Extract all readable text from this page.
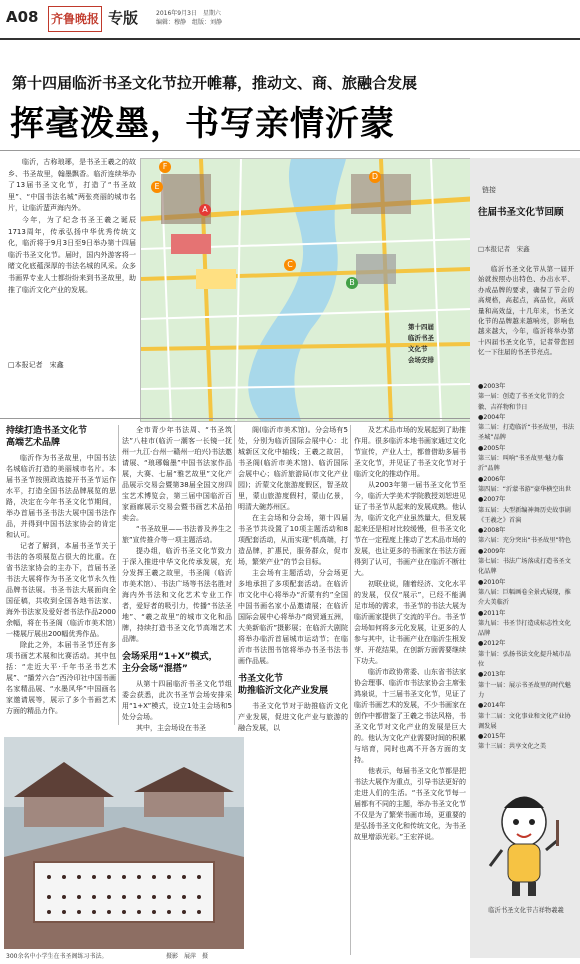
A08 齐鲁晚报 专版	2016年9月3日　星期六
编辑：穆静　组版：刘静
第十四届临沂书圣文化节拉开帷幕，推动文、商、旅融合发展
挥毫泼墨，书写亲情沂蒙

临沂，古称琅琊，是书圣王羲之的故乡、书圣故里，翰墨飘香。临沂连续举办了13届书圣文化节，打造了“书圣故里”、“中国书法名城”两张亮丽的城市名片，让临沂蜚声海内外。

今年，为了纪念书圣王羲之诞辰1713周年，传承弘扬中华优秀传统文化，临沂将于9月3日至9日举办第十四届临沂书圣文化节。届时，国内外游客将一睹文化底蕴深厚的书法名城的风采。众多书画界专业人士都纷纷来到书圣故里，助推了临沂文化产业的发展。

□本报记者　宋鑫
A
B
C
D
E
F
第十四届
临沂书圣
文化节
会场安排
持续打造书圣文化节
高端艺术品牌

临沂作为书圣故里，中国书法名城临沂打造的美丽城市名片。本届书圣节按照政选接开书圣节运作水平，打造全国书法品牌展览的思路，决定在今年书圣文化节期间，举办首届书圣书法大展中国书法作品，并得到中国书法家协会的肯定和认可。

记者了解到，本届书圣节关于书法的各项展览占很大的比重。在省书法家协会的主办下，首届书圣书法大展将作为书圣文化节永久性品牌书法展。书圣书法大展面向全国征稿，共收到全国各地书法家、海外书法家及爱好者书法作品2000余幅，将在书圣阁（临沂市美术馆）一楼展厅展出200幅优秀作品。

除此之外，本届书圣节还有多项书画艺术展和比赛活动。其中包括：“走近大平·千年书圣书艺术展”、“播芳六合”西泠印社中国书画名家精品展、“水墨风华”中国画名家邀请展等，展示了多个书画艺术方面的精品力作。

全市青少年书法周、“书圣筑法”八桂市(临沂一潮客一长镜一抚州一九江·台州一赣州一珀兴)书法邀请展、“琅琊翰墨”中国书法家作品展，大赛、七届“雅艺故里”文化产品展示交易会暨第38届全国文房四宝艺术博览会，第三届中国临沂百家画廊展示交易会暨书画艺术品拍卖会。

“书圣故里——书法普及养生之旅”宣传推介等一项主题活动。

提办组，临沂书圣文化节致力于深入推进中华文化传承发展，充分发挥王羲之故里，书圣阁（临沂市美术馆）、书法广场等书法名胜对海内外书法和文化艺术专业工作者，爱好者的吸引力，传播“书法圣地”、“羲之故里”的城市文化和品牌，持续打造书圣文化节高端艺术品牌。

会场采用“1+X”模式，
主分会场“混搭”

从第十四届临沂书圣文化节组委会获悉，此次书圣节会场安排采用“1+X”模式，设立1处主会场和5处分会场。

其中，主会场设在书圣

阁(临沂市美术馆)。分会场有5处，分别为临沂国际会展中心：北城新区文化中轴线；王羲之故居，书圣阁(临沂市美术馆)、临沂国际会展中心；临沂旅游局(市文化产业园)；沂蒙文化旅游度假区，智圣故里，蒙山旅游度假村，蒙山亿景，明清大碗苏州区。

在主会场和分会场，第十四届书圣节共设置了10项主题活动和8项配套活动，从而实现“机高端，打造品牌，扩惠民，服务群众，促市场，繁荣产业”的节会目标。

主会场有主题活动，分会场更多地承担了多项配套活动。在临沂市文化中心将举办“沂蒙有约”全国中国书画名家小品邀请展；在临沂国际会展中心将举办“商贸通五洲，大美新临沂”摄影展；在临沂大剧院将举办临沂首届城市运动节；在临沂市书法图书馆将举办书圣书法书画作品展。

书圣文化节
助推临沂文化产业发展

书圣文化节对于助推临沂文化产业发展，促进文化产业与旅游的融合发展，以

及艺术品市场的发展起到了助推作用。很多临沂本地书画家通过文化节宣传，产业人士，都曾借助多届书圣文化节，并见证了书圣文化节对于临沂文化的推动作用。

从2003年第一届书圣文化节至今，临沂大学美术学院教授刘恕进见证了书圣节从起来的发展成熟。他认为，临沂文化产业虽然量大，但发展起来还是相对比较缓慢，但书圣文化节在一定程度上推动了艺术品市场的发展，也让更多的书画家在书法方面得到了认可，书画产业在临沂不断壮大。

初联业说，随着经济、文化水平的发展，仅仅“展示”，已经不能满足市场的需求，书圣节的书法大展为临沂画家提供了交流的平台。书圣节会场如何将多元化发展，让更多的人参与其中，让书画产业在临沂生根发芽、开花结果，在创新方面需要继续下功夫。

临沂市政协常委、山东省书法家协会理事、临沂市书法家协会主席张鸿泉说，十三届书圣文化节，见证了临沂书画艺术的发展，不少书画家在创作中都借鉴了王羲之书法风格，书圣文化节对文化产业的发展是巨大的。他认为文化产业需要时间的积累与培育，同时也离不开各方面的支持。

他表示，每届书圣文化节都是把书法大展作为重点，引导书法更好的走进人们的生活。“书圣文化节每一届都有不同的主题，举办书圣文化节不仅是为了繁荣书画市场，更重要的是弘扬书圣文化和传统文化，为书圣故里增添光彩。”王宏祥说。

300余名中小学生在书圣阁练习书法。	摄影　展萍　摄
链接
往届书圣文化节回顾
□本报记者　宋鑫

临沂书圣文化节从第一届开始就按照办出特色、办出水平、办成品牌的要求，确保了节会的高规格，高起点，高品位，高质量和高效益，十几年来，书圣文化节的品牌越来越响亮，影响也越来越大，今年，临沂将举办第十四届书圣文化节，记者带您回忆一下往届的书圣节亮点。

●2003年
第一届：创造了书圣文化节的会徽、吉祥物和节日
●2004年
第二届：打造临沂“书圣故里，书法圣城”品牌
●2005年
第三届：叫响“书圣故里·魅力临沂”品牌
●2006年
第四届：“沂蒙书游”豪华横空出世
●2007年
第五届：大型新编神舞历史故事剧《王羲之》首演
●2008年
第六届：充分突出“书圣故里”特色
●2009年
第七届：书法广场落成打造书圣文化品牌
●2010年
第八届：巨幅画卷全景式展现，推介大美临沂
●2011年
第九届：书圣节打造成标志性文化品牌
●2012年
第十届：弘扬书法文化提升城市品位
●2013年
第十一届：展示书圣故里的时代魅力
●2014年
第十二届：文化事业和文化产业协调发展
●2015年
第十三届：共享文化之美
临沂书圣文化节吉祥物羲羲
